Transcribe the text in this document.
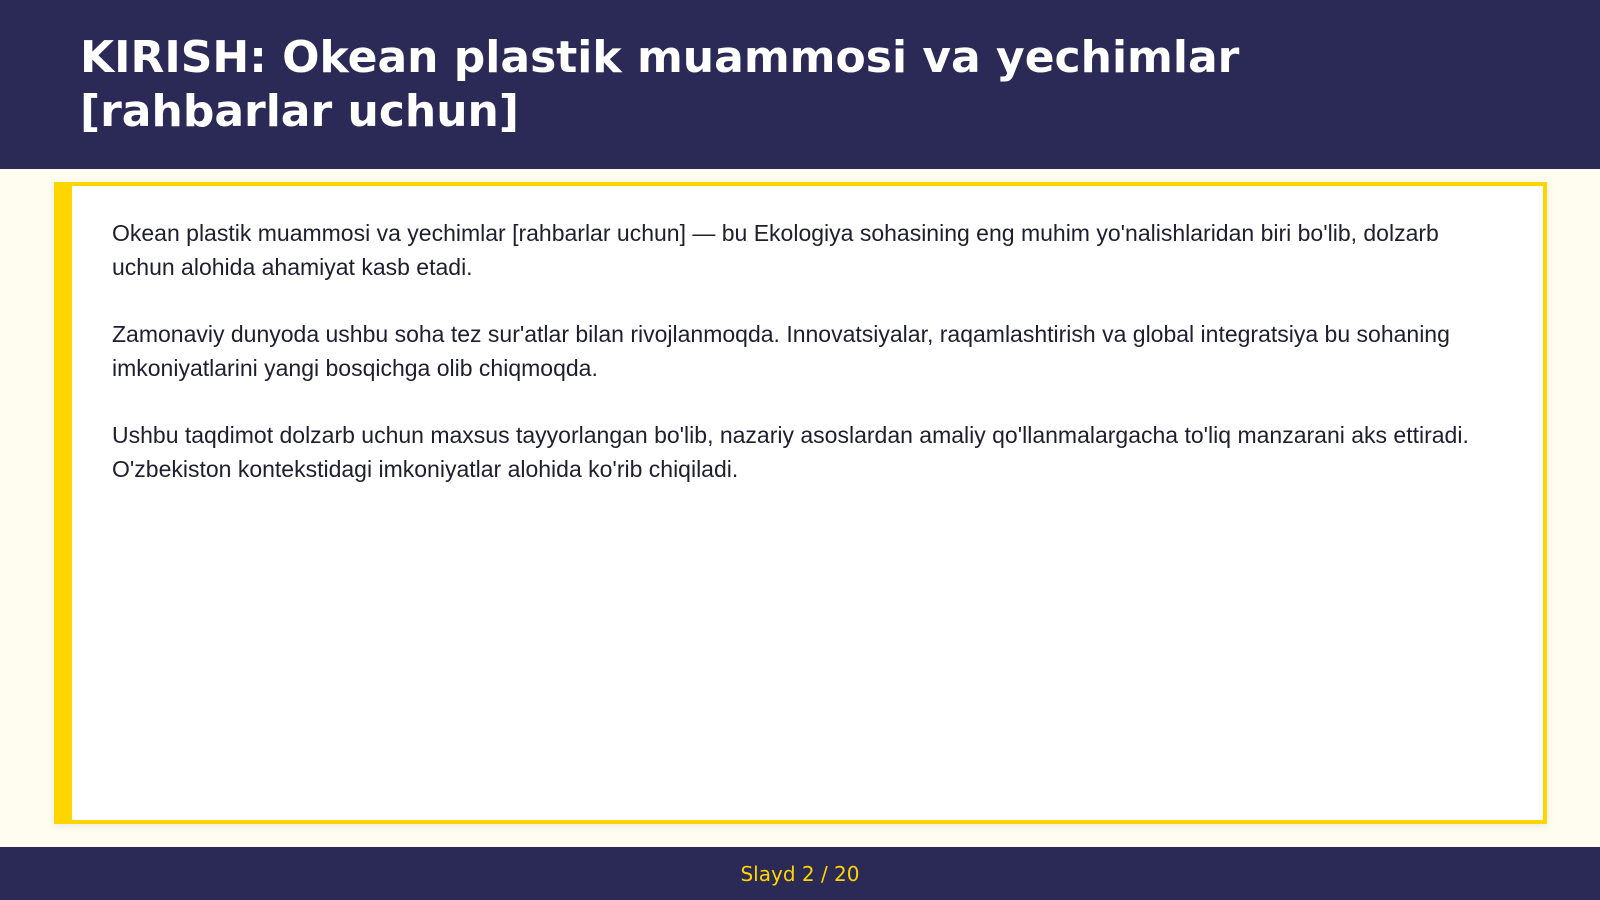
KIRISH: Okean plastik muammosi va yechimlar [rahbarlar uchun]

Okean plastik muammosi va yechimlar [rahbarlar uchun] — bu Ekologiya sohasining eng muhim yo'nalishlaridan biri bo'lib, dolzarb uchun alohida ahamiyat kasb etadi.

Zamonaviy dunyoda ushbu soha tez sur'atlar bilan rivojlanmoqda. Innovatsiyalar, raqamlashtirish va global integratsiya bu sohaning imkoniyatlarini yangi bosqichga olib chiqmoqda.

Ushbu taqdimot dolzarb uchun maxsus tayyorlangan bo'lib, nazariy asoslardan amaliy qo'llanmalargacha to'liq manzarani aks ettiradi. O'zbekiston kontekstidagi imkoniyatlar alohida ko'rib chiqiladi.

Slayd 2 / 20
